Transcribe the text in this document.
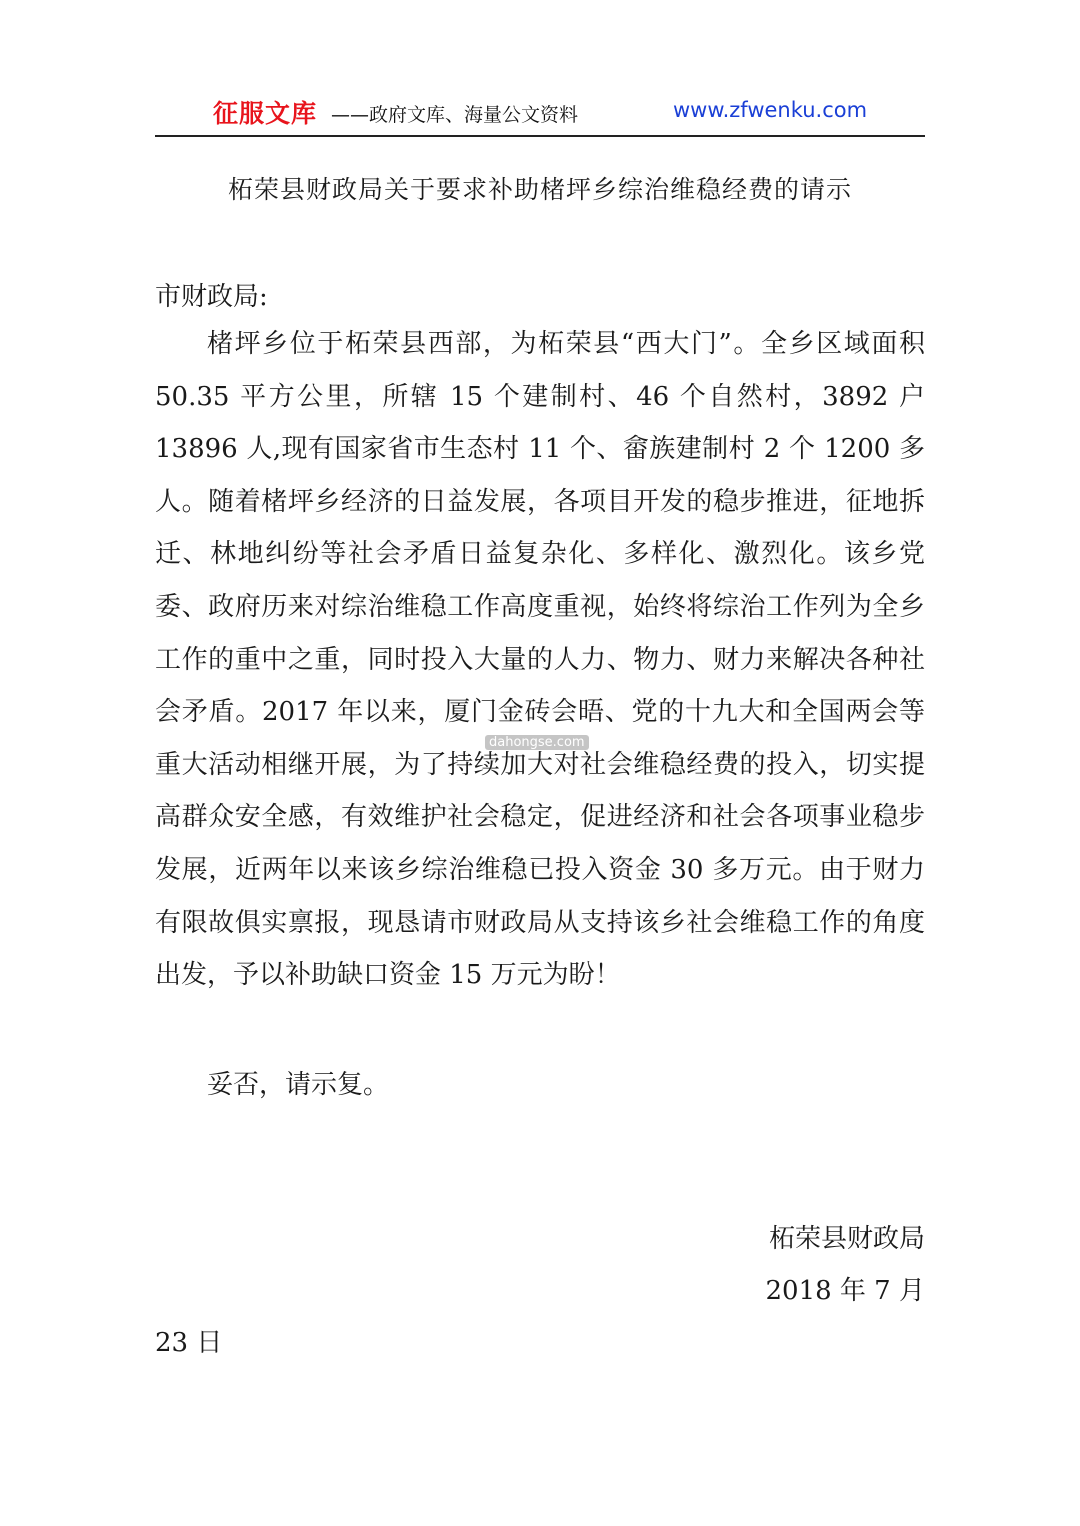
征服文库 ——政府文库、海量公文资料	www.zfwenku.com
柘荣县财政局关于要求补助楮坪乡综治维稳经费的请示

市财政局:

楮坪乡位于柘荣县西部，为柘荣县“西大门”。全乡区域面积 50.35 平方公里，所辖 15 个建制村、46 个自然村，3892 户 13896 人,现有国家省市生态村 11 个、畲族建制村 2 个 1200 多人。随着楮坪乡经济的日益发展，各项目开发的稳步推进，征地拆迁、林地纠纷等社会矛盾日益复杂化、多样化、激烈化。该乡党委、政府历来对综治维稳工作高度重视，始终将综治工作列为全乡工作的重中之重，同时投入大量的人力、物力、财力来解决各种社会矛盾。2017 年以来，厦门金砖会晤、党的十九大和全国两会等重大活动相继开展，为了持续加大对社会维稳经费的投入，切实提高群众安全感，有效维护社会稳定，促进经济和社会各项事业稳步发展，近两年以来该乡综治维稳已投入资金 30 多万元。由于财力有限故俱实禀报，现恳请市财政局从支持该乡社会维稳工作的角度出发，予以补助缺口资金 15 万元为盼！

妥否，请示复。

柘荣县财政局

2018 年 7 月

23 日

dahongse.com
